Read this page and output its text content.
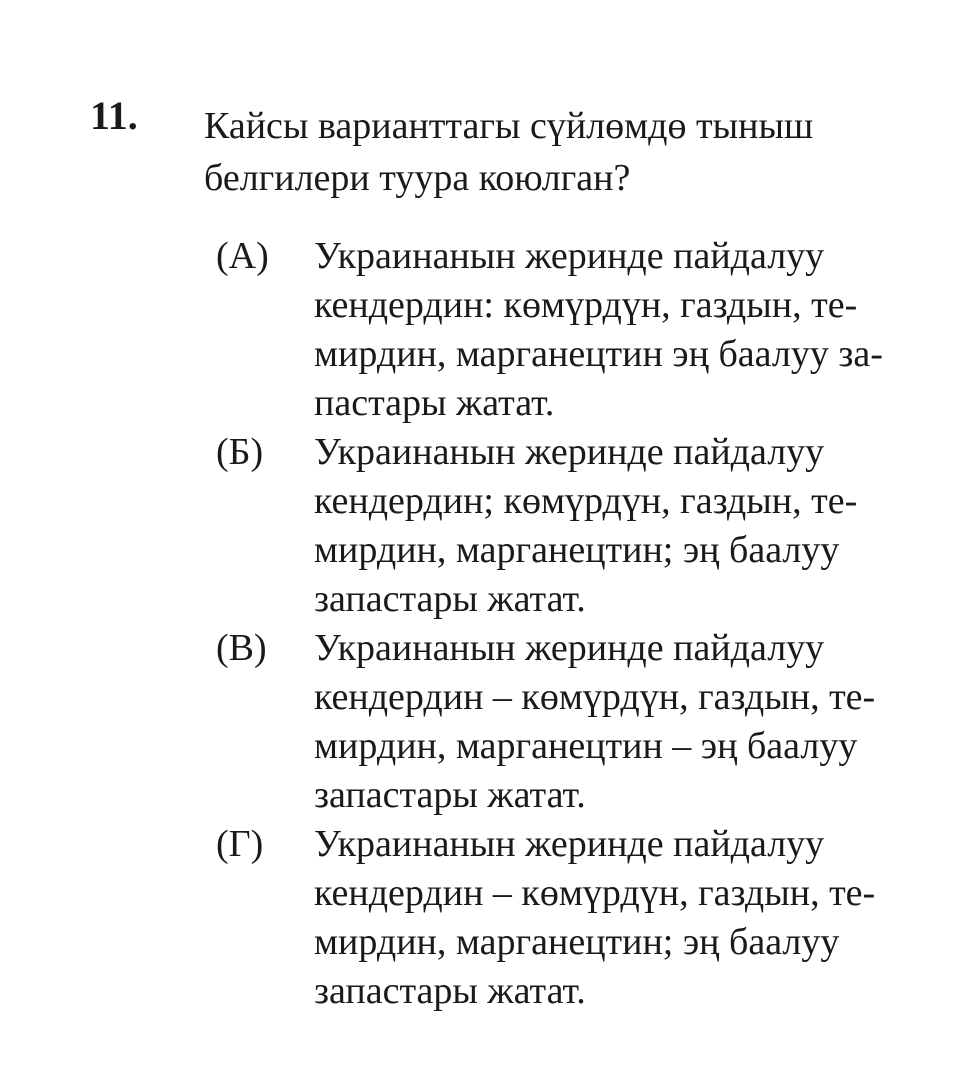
11. Кайсы варианттагы сүйлөмдө тыныш
белгилери туура коюлган?
(А) Украинанын жеринде пайдалуу
кендердин: көмүрдүн, газдын, те-
мирдин, марганецтин эң баалуу за-
пастары жатат.
(Б) Украинанын жеринде пайдалуу
кендердин; көмүрдүн, газдын, те-
мирдин, марганецтин; эң баалуу
запастары жатат.
(В) Украинанын жеринде пайдалуу
кендердин – көмүрдүн, газдын, те-
мирдин, марганецтин – эң баалуу
запастары жатат.
(Г) Украинанын жеринде пайдалуу
кендердин – көмүрдүн, газдын, те-
мирдин, марганецтин; эң баалуу
запастары жатат.
